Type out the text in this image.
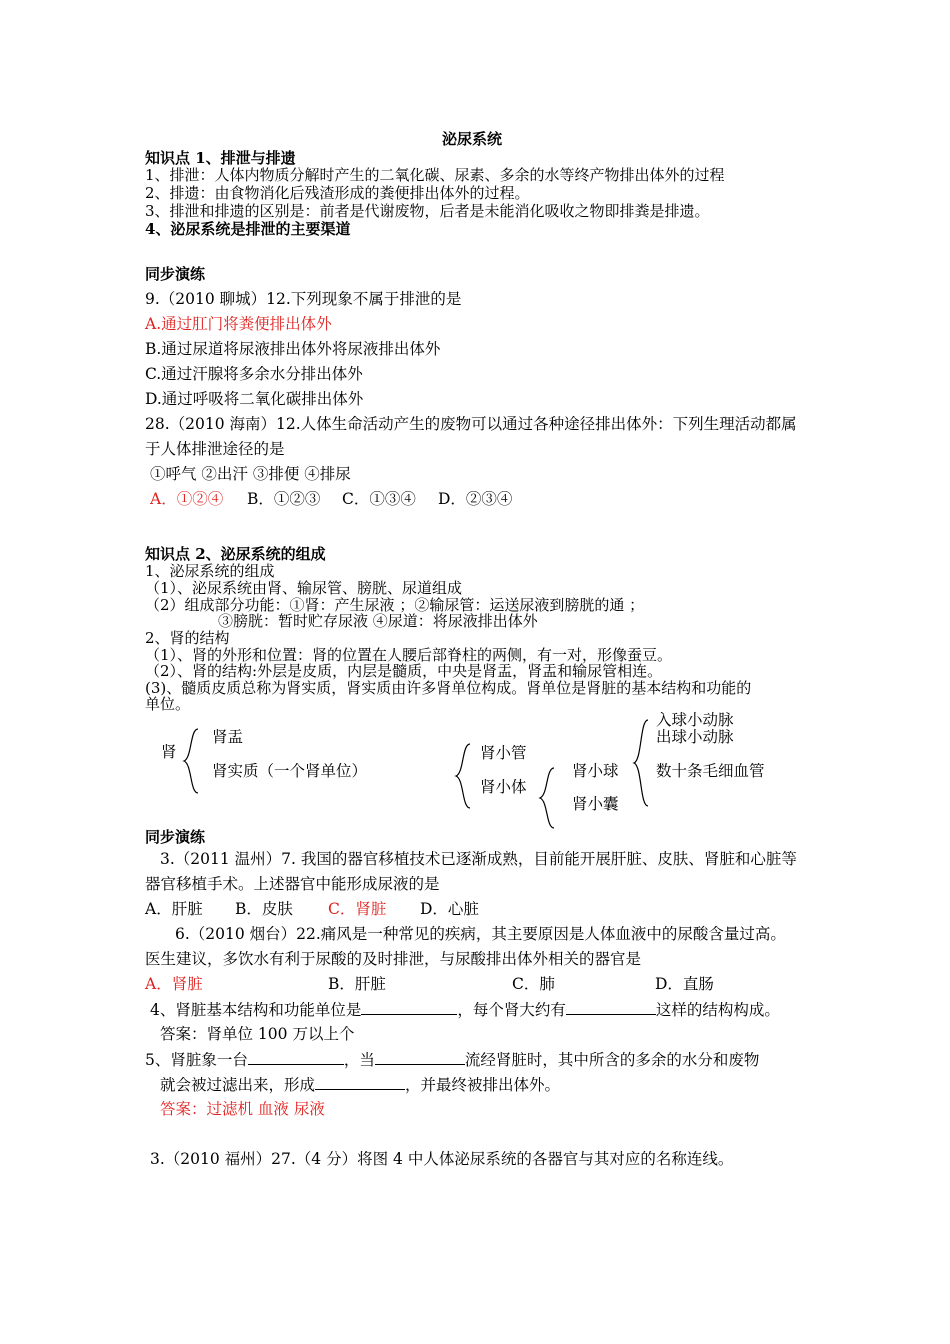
泌尿系统
知识点 1、排泄与排遗
1、排泄：人体内物质分解时产生的二氧化碳、尿素、多余的水等终产物排出体外的过程
2、排遗：由食物消化后残渣形成的粪便排出体外的过程。
3、排泄和排遗的区别是：前者是代谢废物，后者是未能消化吸收之物即排粪是排遗。
4、泌尿系统是排泄的主要渠道
同步演练
9.（2010 聊城）12.下列现象不属于排泄的是
A.通过肛门将粪便排出体外
B.通过尿道将尿液排出体外将尿液排出体外
C.通过汗腺将多余水分排出体外
D.通过呼吸将二氧化碳排出体外
28.（2010 海南）12.人体生命活动产生的废物可以通过各种途径排出体外：下列生理活动都属
于人体排泄途径的是
①呼气 ②出汗 ③排便 ④排尿
A．①②④ B．①②③ C．①③④ D．②③④
知识点 2、泌尿系统的组成
1、泌尿系统的组成
（1）、泌尿系统由肾、输尿管、膀胱、尿道组成
（2）组成部分功能：①肾：产生尿液 ；②输尿管：运送尿液到膀胱的通 ；
③膀胱：暂时贮存尿液 ④尿道：将尿液排出体外
2、肾的结构
（1）、肾的外形和位置：肾的位置在人腰后部脊柱的两侧，有一对，形像蚕豆。
（2）、肾的结构:外层是皮质，内层是髓质，中央是肾盂，肾盂和输尿管相连。
(3)、髓质皮质总称为肾实质，肾实质由许多肾单位构成。肾单位是肾脏的基本结构和功能的
单位。
肾
肾盂
肾实质（一个肾单位）
肾小管
肾小体
肾小球
肾小囊
入球小动脉
出球小动脉
数十条毛细血管
同步演练
3.（2011 温州）7. 我国的器官移植技术已逐渐成熟，目前能开展肝脏、皮肤、肾脏和心脏等
器官移植手术。上述器官中能形成尿液的是
A．肝脏 B．皮肤 C．肾脏 D．心脏
6.（2010 烟台）22.痛风是一种常见的疾病，其主要原因是人体血液中的尿酸含量过高。
医生建议，多饮水有利于尿酸的及时排泄，与尿酸排出体外相关的器官是
A．肾脏	B．肝脏	C．肺	D．直肠
4、肾脏基本结构和功能单位是	，每个肾大约有	这样的结构构成。
答案：肾单位 100 万以上个
5、肾脏象一台	，当	流经肾脏时，其中所含的多余的水分和废物
就会被过滤出来，形成	，并最终被排出体外。
答案：过滤机 血液 尿液
3.（2010 福州）27.（4 分）将图 4 中人体泌尿系统的各器官与其对应的名称连线。
